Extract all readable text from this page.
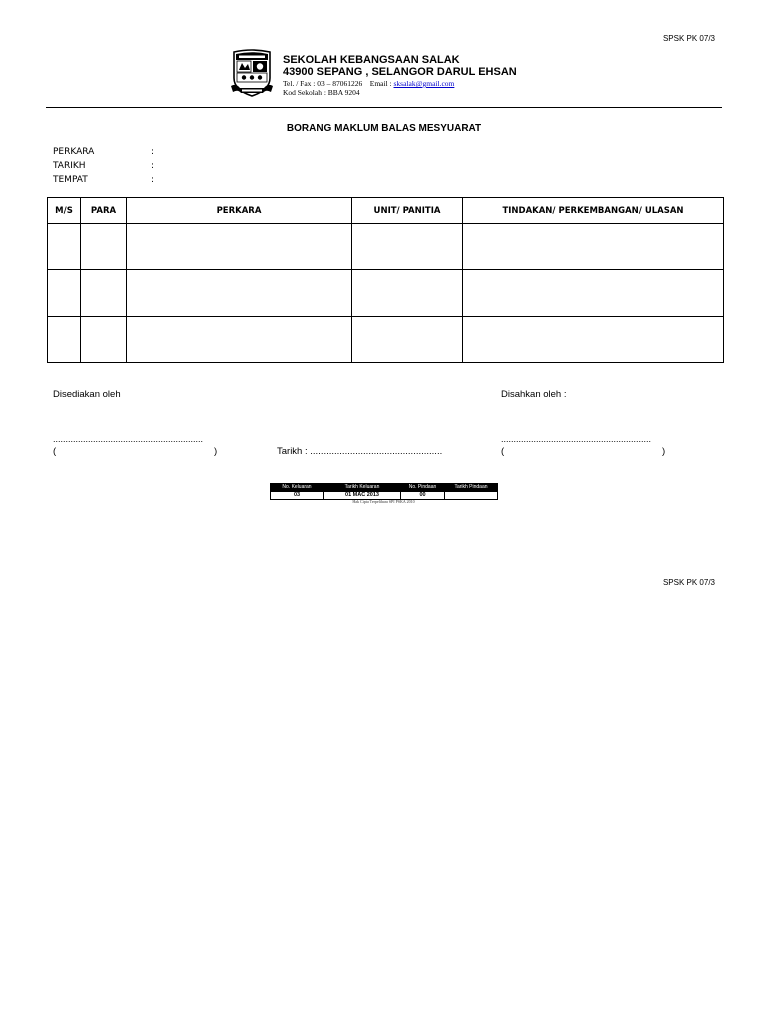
SPSK PK 07/3
SEKOLAH KEBANGSAAN SALAK
43900 SEPANG , SELANGOR DARUL EHSAN
Tel. / Fax : 03 – 87061226    Email : sksalak@gmail.com
Kod Sekolah : BBA 9204
BORANG MAKLUM BALAS MESYUARAT
PERKARA	:
TARIKH	:
TEMPAT	:
M/S	PARA	PERKARA	UNIT/ PANITIA	TINDAKAN/ PERKEMBANGAN/ ULASAN

Disediakan oleh	Disahkan oleh :
............................................................
(	)	Tarikh : ..................................................
............................................................
(	)
No. Keluaran	Tarikh Keluaran	No. Pindaan	Tarikh Pindaan
03	01 MAC 2013	00	
Hak Cipta Terpelihara SPI PSKA 2010
SPSK PK 07/3
